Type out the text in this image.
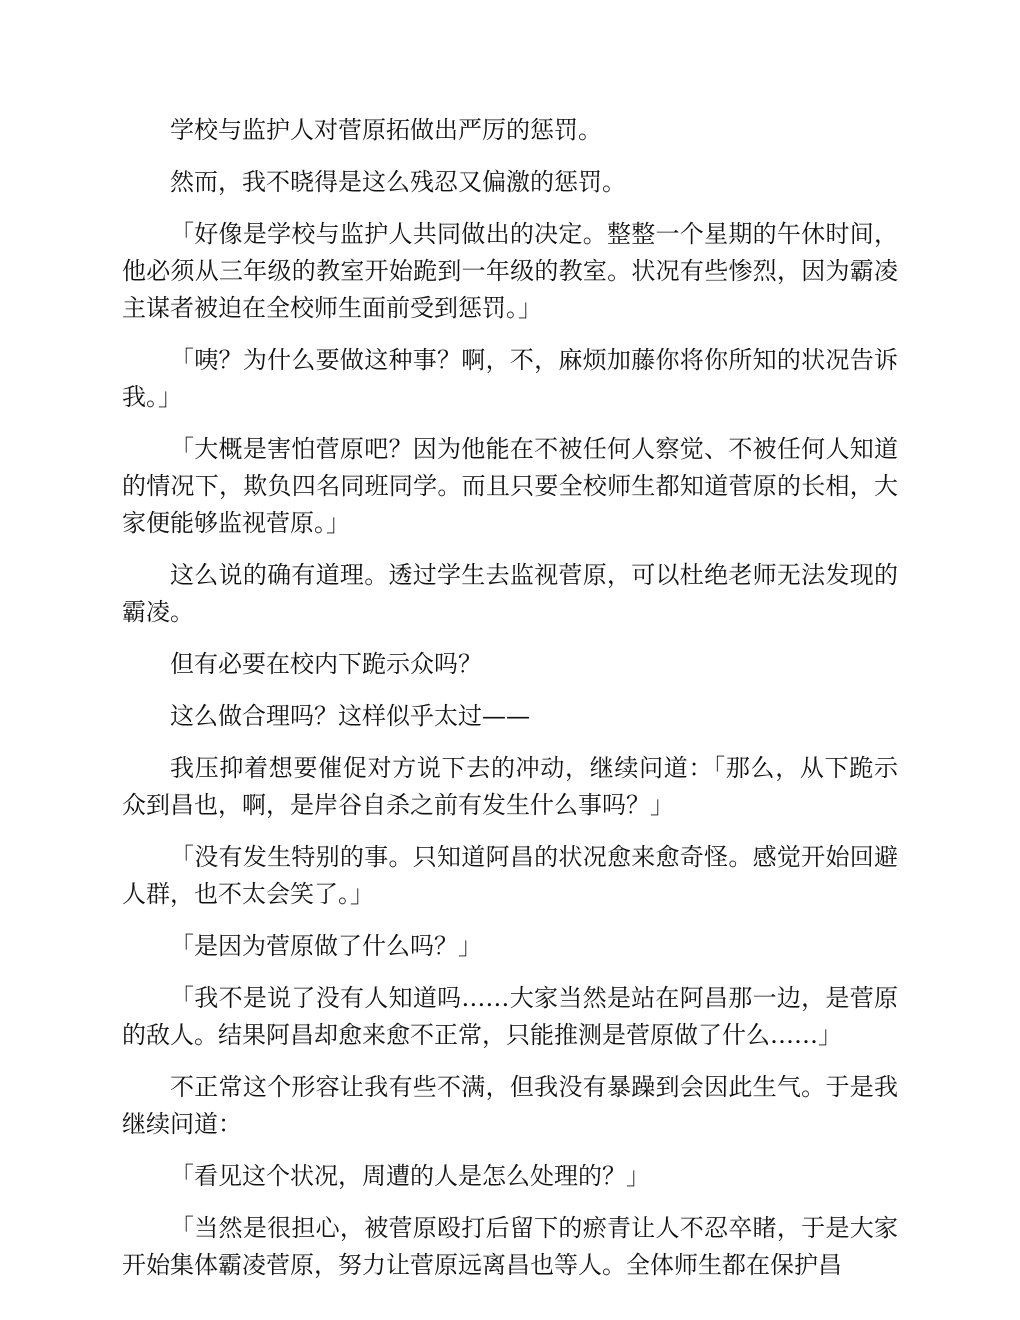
学校与监护人对菅原拓做出严厉的惩罚。

然而，我不晓得是这么残忍又偏激的惩罚。

「好像是学校与监护人共同做出的决定。整整一个星期的午休时间，他必须从三年级的教室开始跪到一年级的教室。状况有些惨烈，因为霸凌主谋者被迫在全校师生面前受到惩罚。」

「咦？为什么要做这种事？啊，不，麻烦加藤你将你所知的状况告诉我。」

「大概是害怕菅原吧？因为他能在不被任何人察觉、不被任何人知道的情况下，欺负四名同班同学。而且只要全校师生都知道菅原的长相，大家便能够监视菅原。」

这么说的确有道理。透过学生去监视菅原，可以杜绝老师无法发现的霸凌。

但有必要在校内下跪示众吗？

这么做合理吗？这样似乎太过——

我压抑着想要催促对方说下去的冲动，继续问道：「那么，从下跪示众到昌也，啊，是岸谷自杀之前有发生什么事吗？」

「没有发生特别的事。只知道阿昌的状况愈来愈奇怪。感觉开始回避人群，也不太会笑了。」

「是因为菅原做了什么吗？」

「我不是说了没有人知道吗……大家当然是站在阿昌那一边，是菅原的敌人。结果阿昌却愈来愈不正常，只能推测是菅原做了什么……」

不正常这个形容让我有些不满，但我没有暴躁到会因此生气。于是我继续问道：

「看见这个状况，周遭的人是怎么处理的？」

「当然是很担心，被菅原殴打后留下的瘀青让人不忍卒睹，于是大家开始集体霸凌菅原，努力让菅原远离昌也等人。全体师生都在保护昌
